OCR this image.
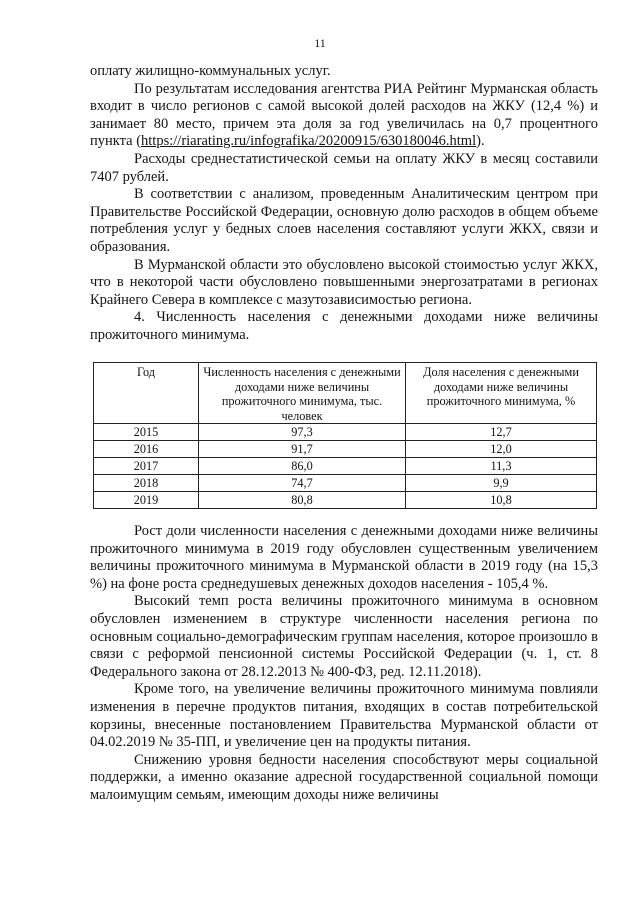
11

оплату жилищно-коммунальных услуг.

По результатам исследования агентства РИА Рейтинг Мурманская область входит в число регионов с самой высокой долей расходов на ЖКУ (12,4 %) и занимает 80 место, причем эта доля за год увеличилась на 0,7 процентного пункта (https://riarating.ru/infografika/20200915/630180046.html).

Расходы среднестатистической семьи на оплату ЖКУ в месяц составили 7407 рублей.

В соответствии с анализом, проведенным Аналитическим центром при Правительстве Российской Федерации, основную долю расходов в общем объеме потребления услуг у бедных слоев населения составляют услуги ЖКХ, связи и образования.

В Мурманской области это обусловлено высокой стоимостью услуг ЖКХ, что в некоторой части обусловлено повышенными энергозатратами в регионах Крайнего Севера в комплексе с мазутозависимостью региона.

4. Численность населения с денежными доходами ниже величины прожиточного минимума.

Год	Численность населения с денежными доходами ниже величины прожиточного минимума, тыс. человек	Доля населения с денежными доходами ниже величины прожиточного минимума, %
2015	97,3	12,7
2016	91,7	12,0
2017	86,0	11,3
2018	74,7	9,9
2019	80,8	10,8

Рост доли численности населения с денежными доходами ниже величины прожиточного минимума в 2019 году обусловлен существенным увеличением величины прожиточного минимума в Мурманской области в 2019 году (на 15,3 %) на фоне роста среднедушевых денежных доходов населения - 105,4 %.

Высокий темп роста величины прожиточного минимума в основном обусловлен изменением в структуре численности населения региона по основным социально-демографическим группам населения, которое произошло в связи с реформой пенсионной системы Российской Федерации (ч. 1, ст. 8 Федерального закона от 28.12.2013 № 400-ФЗ, ред. 12.11.2018).

Кроме того, на увеличение величины прожиточного минимума повлияли изменения в перечне продуктов питания, входящих в состав потребительской корзины, внесенные постановлением Правительства Мурманской области от 04.02.2019 № 35-ПП, и увеличение цен на продукты питания.

Снижению уровня бедности населения способствуют меры социальной поддержки, а именно оказание адресной государственной социальной помощи малоимущим семьям, имеющим доходы ниже величины
